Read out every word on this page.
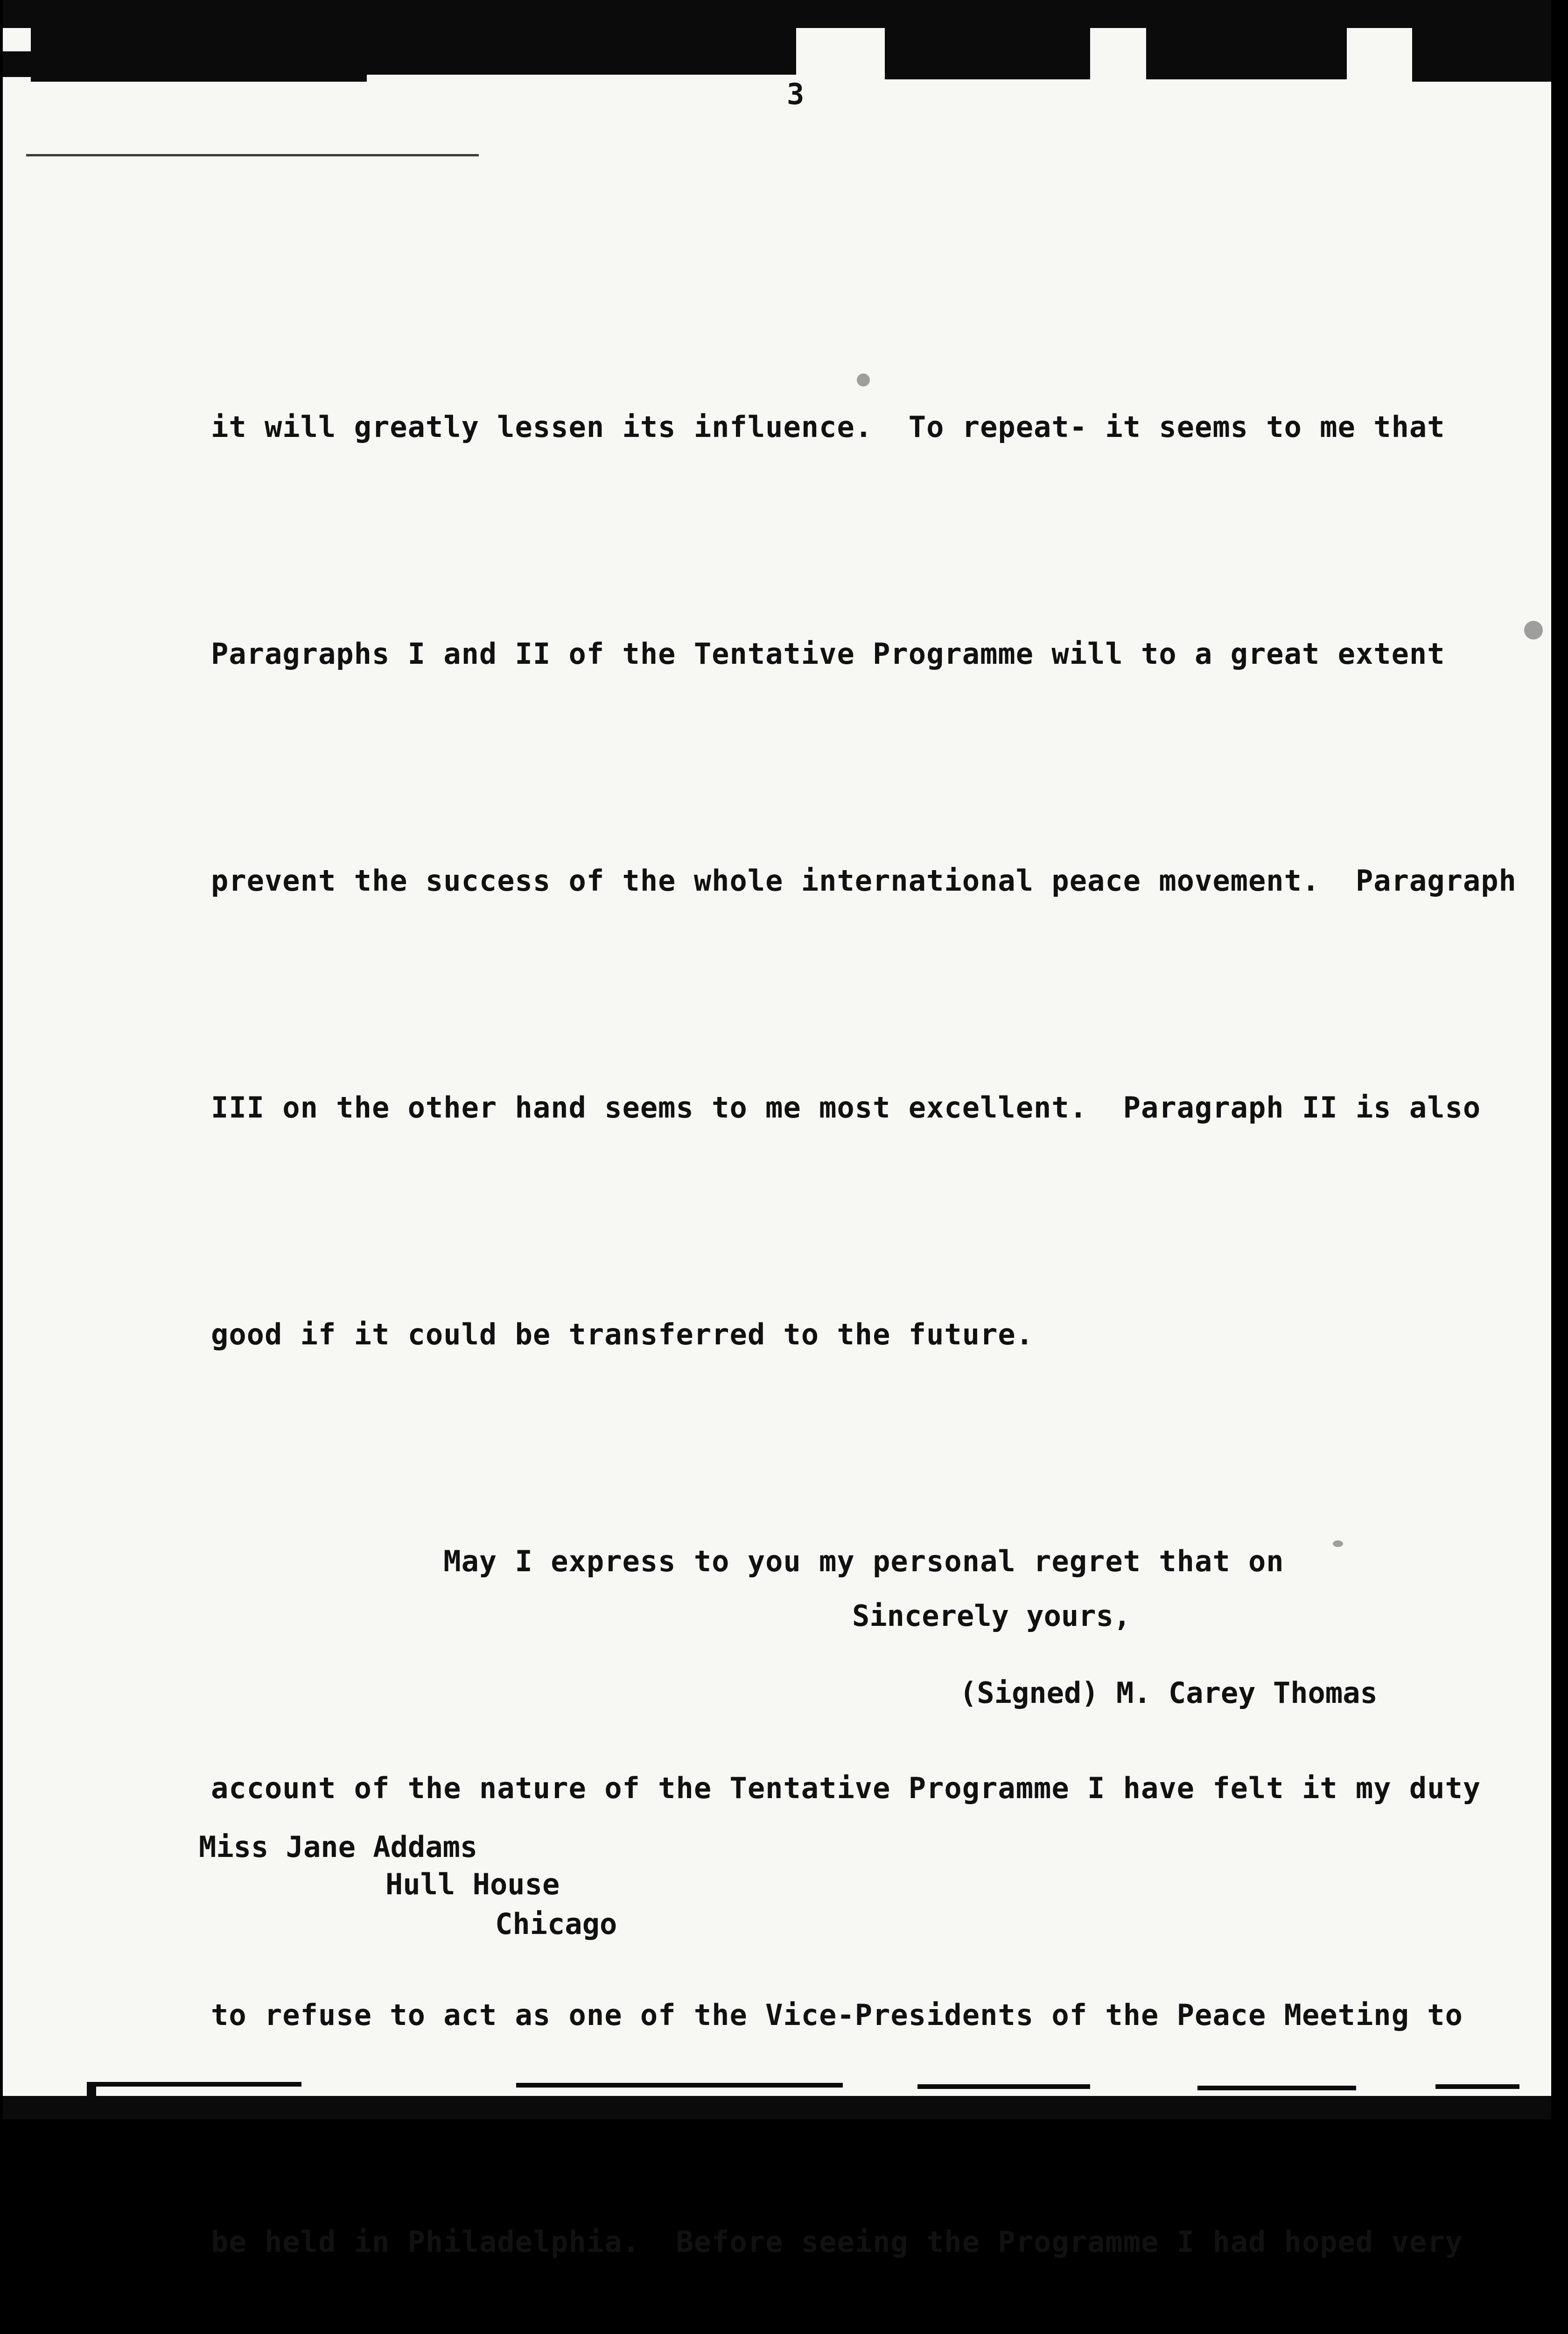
3

it will greatly lessen its influence.  To repeat- it seems to me that

Paragraphs I and II of the Tentative Programme will to a great extent

prevent the success of the whole international peace movement.  Paragraph

III on the other hand seems to me most excellent.  Paragraph II is also

good if it could be transferred to the future.

May I express to you my personal regret that on

account of the nature of the Tentative Programme I have felt it my duty

to refuse to act as one of the Vice-Presidents of the Peace Meeting to

be held in Philadelphia.  Before seeing the Programme I had hoped very

Sincerely yours,
(Signed) M. Carey Thomas
Miss Jane Addams
Hull House
Chicago
